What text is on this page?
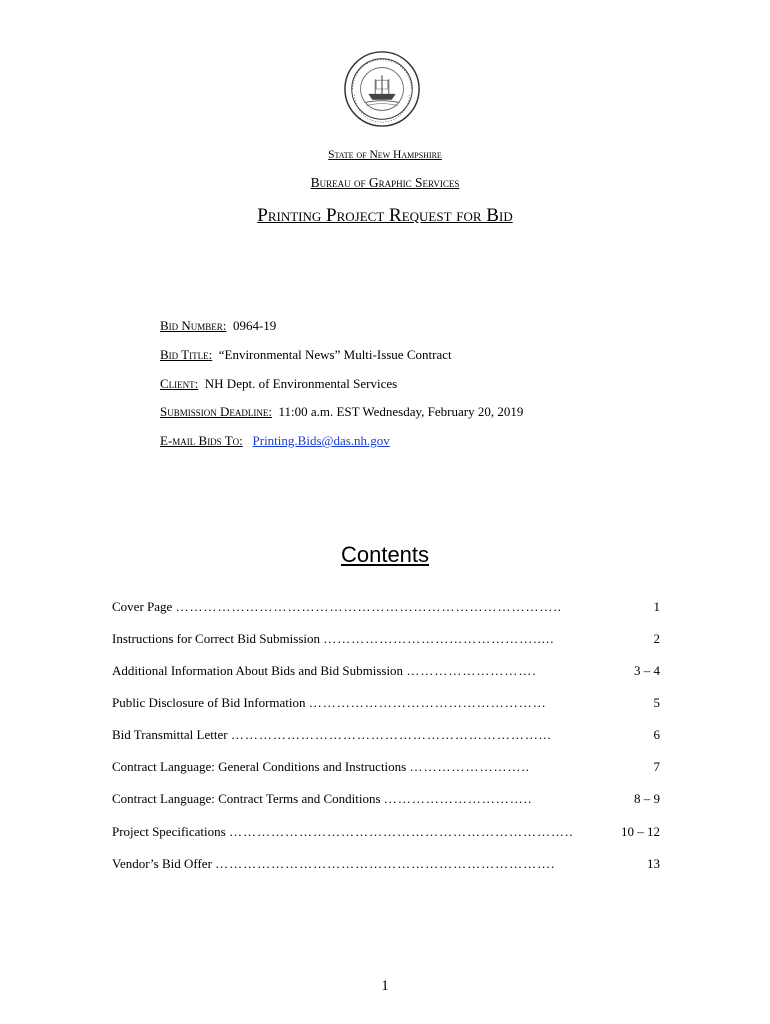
State of New Hampshire
Bureau of Graphic Services
Printing Project Request for Bid
Bid Number: 0964-19
Bid Title: “Environmental News” Multi-Issue Contract
Client: NH Dept. of Environmental Services
Submission Deadline: 11:00 a.m. EST Wednesday, February 20, 2019
E-mail Bids To: Printing.Bids@das.nh.gov
Contents
Cover Page ………………………………………………………………………..	1
Instructions for Correct Bid Submission ……………………………………….....	2
Additional Information About Bids and Bid Submission ……………………….	3 – 4
Public Disclosure of Bid Information ……………………………………………	5
Bid Transmittal Letter …………………………………………………………...	6
Contract Language: General Conditions and Instructions ……………………..	7
Contract Language: Contract Terms and Conditions …………………………..	8 – 9
Project Specifications ………………………………………………………………..	10 – 12
Vendor’s Bid Offer ……………………………………………………………….	13
1
